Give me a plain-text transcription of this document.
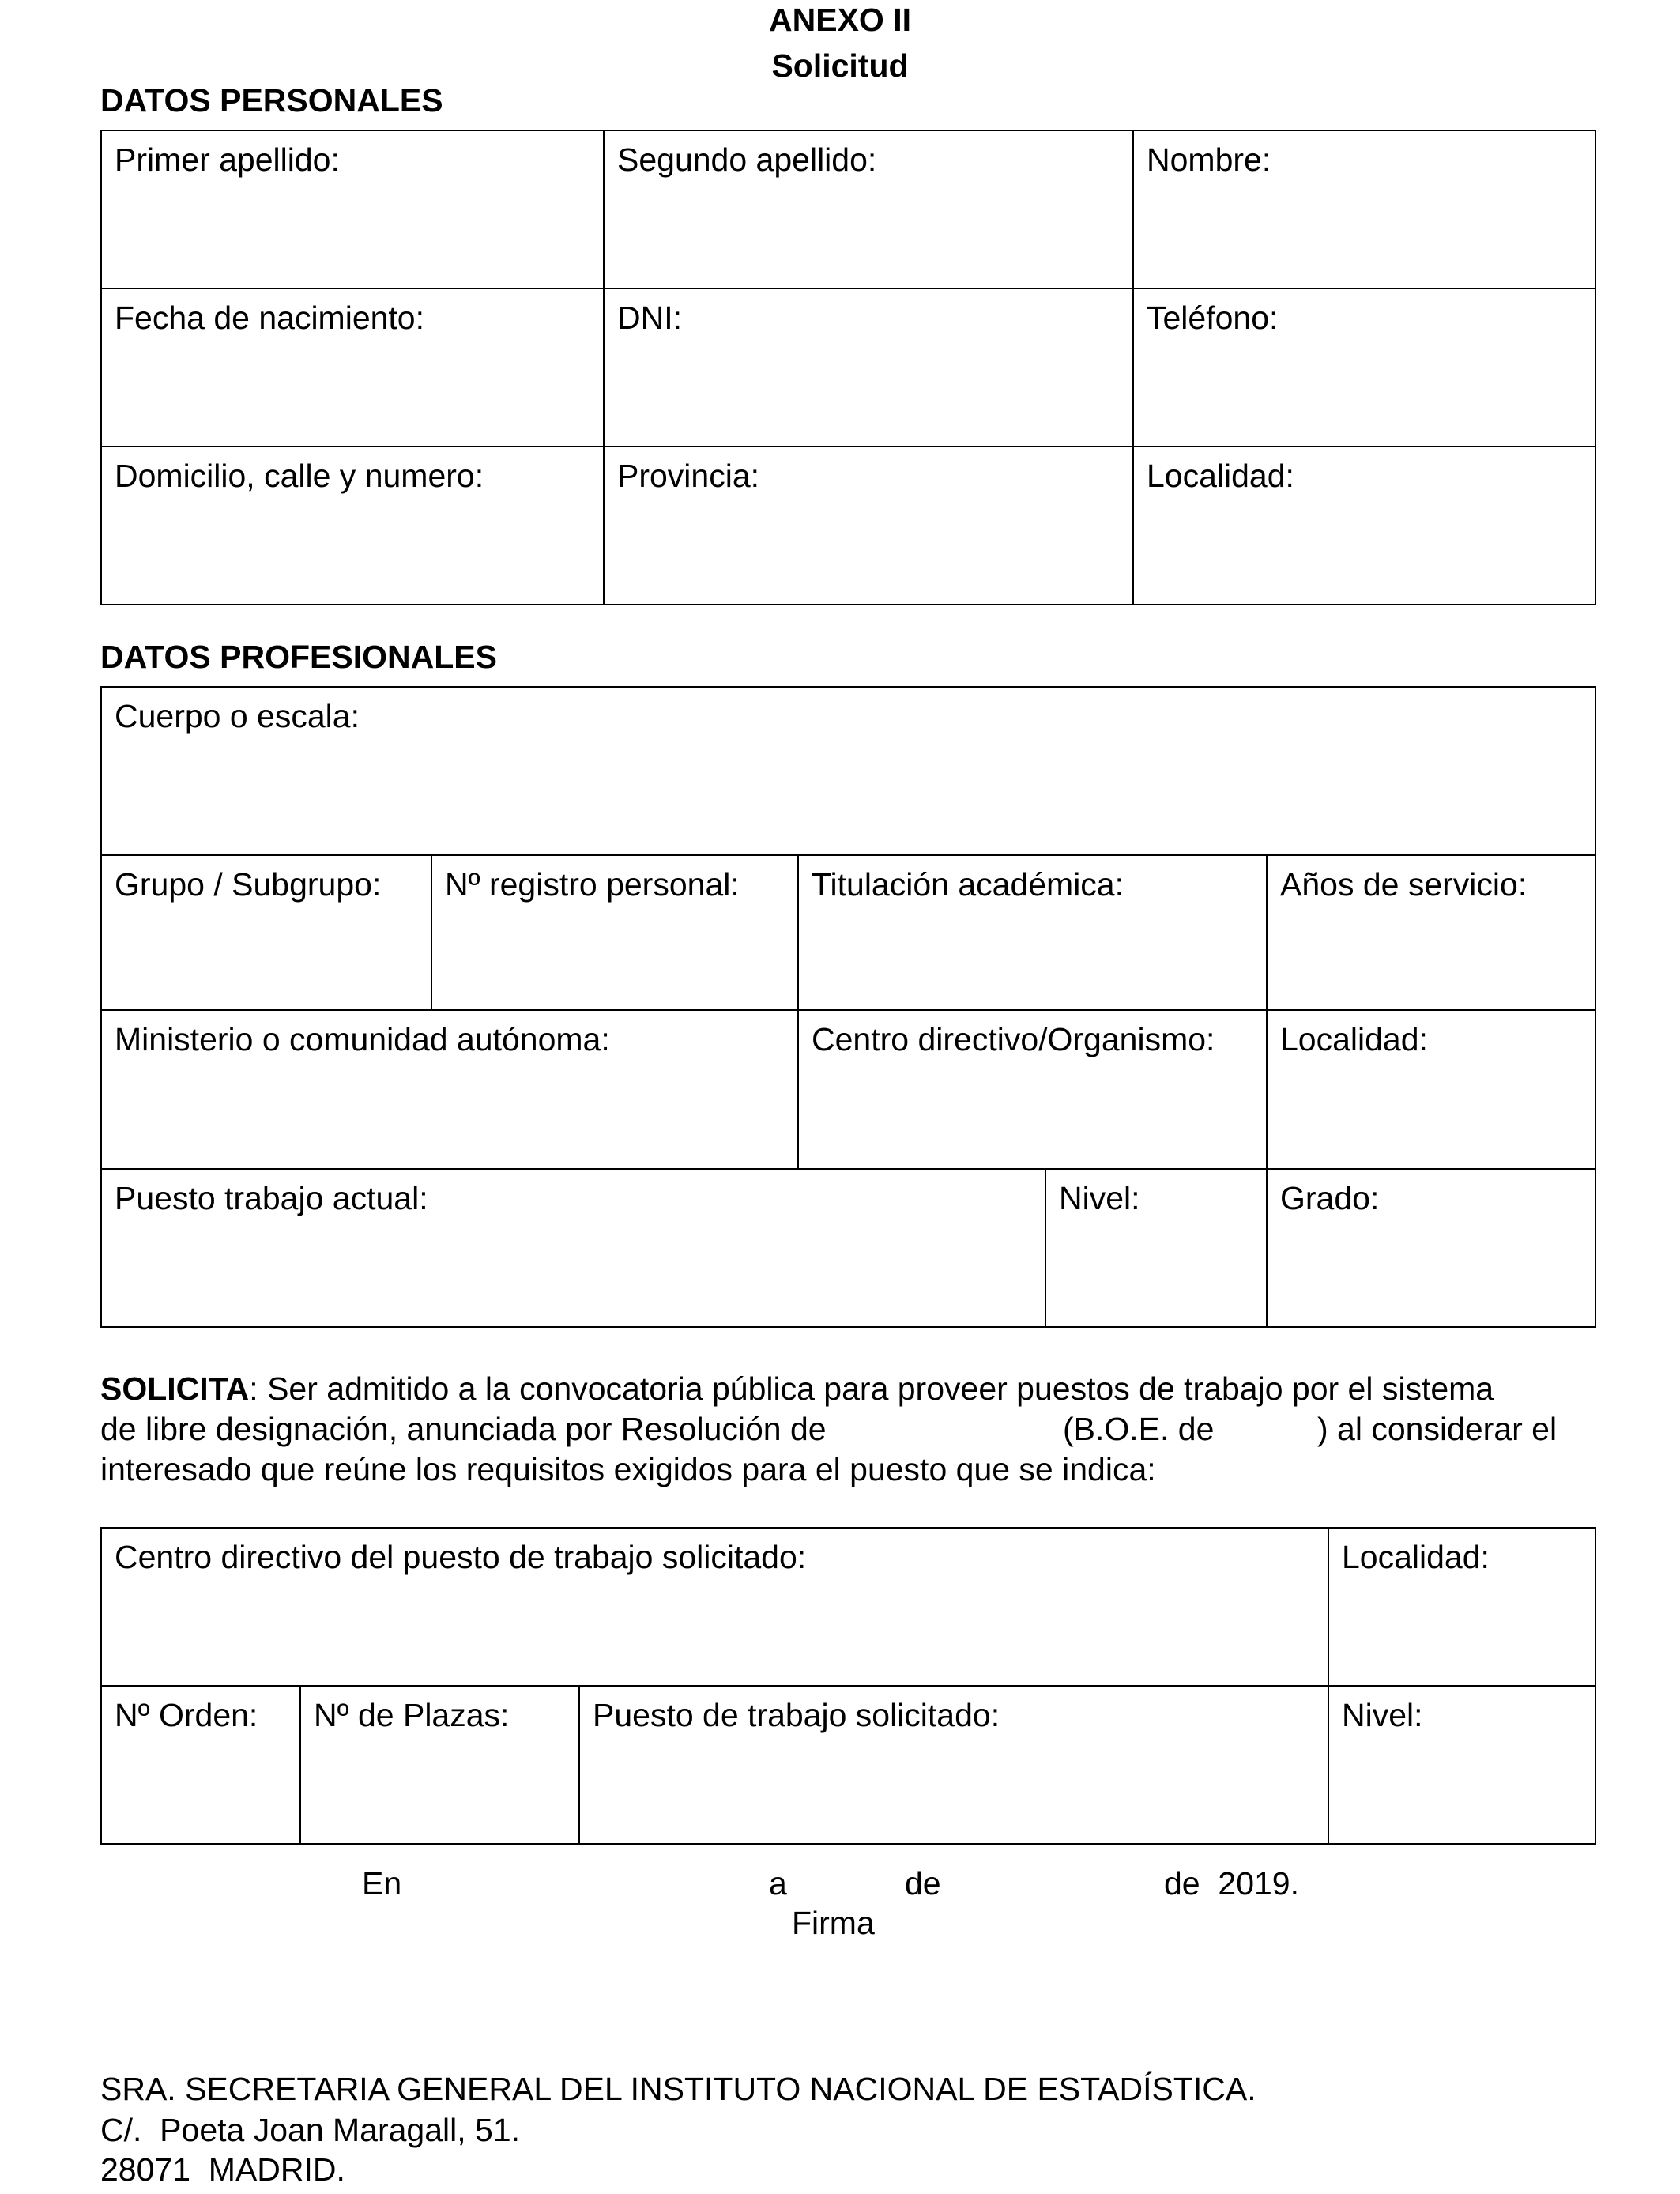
ANEXO II
Solicitud
DATOS PERSONALES
Primer apellido:	Segundo apellido:	Nombre:
Fecha de nacimiento:	DNI:	Teléfono:
Domicilio, calle y numero:	Provincia:	Localidad:
DATOS PROFESIONALES
Cuerpo o escala:
Grupo / Subgrupo:	Nº registro personal:	Titulación académica:	Años de servicio:
Ministerio o comunidad autónoma:	Centro directivo/Organismo:	Localidad:
Puesto trabajo actual:	Nivel:	Grado:

SOLICITA: Ser admitido a la convocatoria pública para proveer puestos de trabajo por el sistema

de libre designación, anunciada por Resolución de	(B.O.E. de	) al considerar el

interesado que reúne los requisitos exigidos para el puesto que se indica:

Centro directivo del puesto de trabajo solicitado:	Localidad:
Nº Orden:	Nº de Plazas:	Puesto de trabajo solicitado:	Nivel:
En	a	de	de  2019.
Firma
SRA. SECRETARIA GENERAL DEL INSTITUTO NACIONAL DE ESTADÍSTICA.
C/.  Poeta Joan Maragall, 51.
28071  MADRID.
